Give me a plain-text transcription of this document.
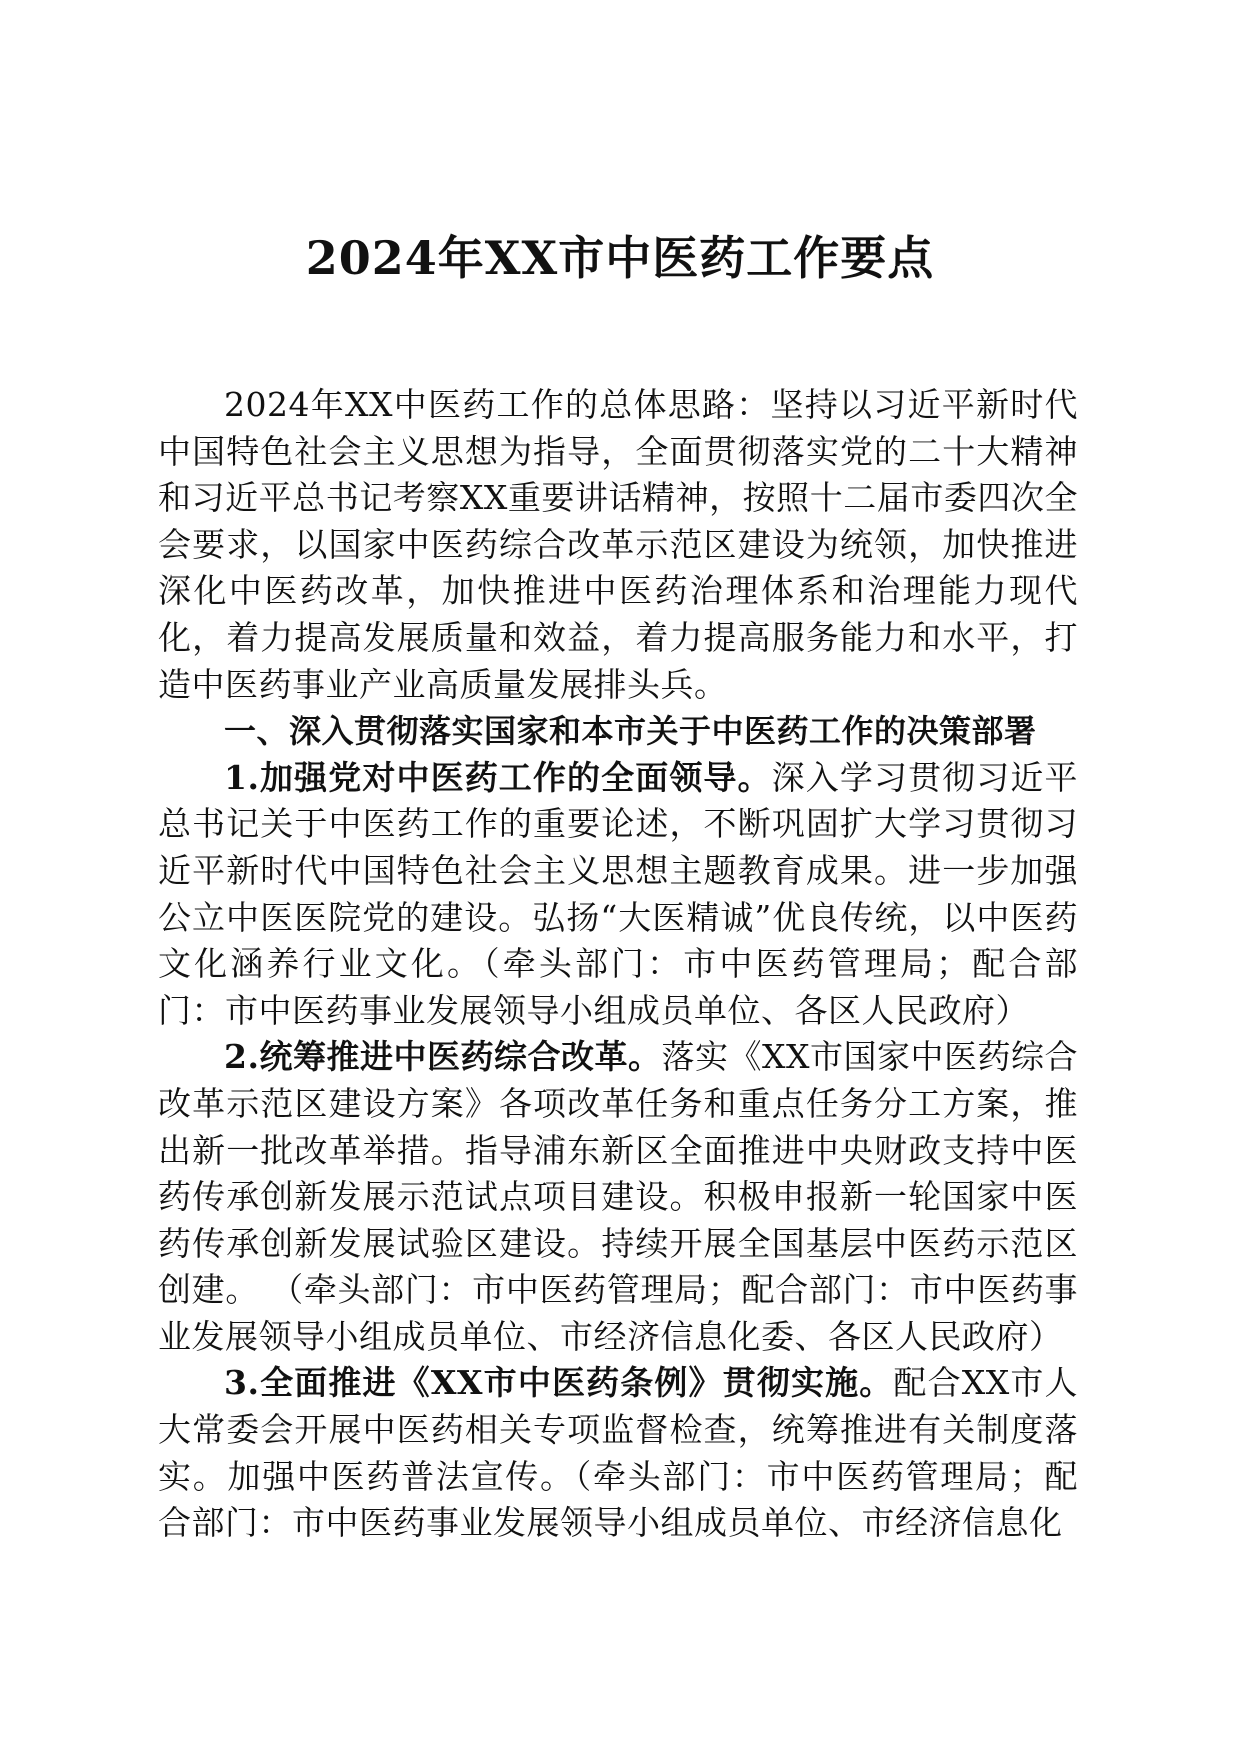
2024年XX市中医药工作要点

2024年XX中医药工作的总体思路：坚持以习近平新时代中国特色社会主义思想为指导，全面贯彻落实党的二十大精神和习近平总书记考察XX重要讲话精神，按照十二届市委四次全会要求，以国家中医药综合改革示范区建设为统领，加快推进深化中医药改革，加快推进中医药治理体系和治理能力现代化，着力提高发展质量和效益，着力提高服务能力和水平，打造中医药事业产业高质量发展排头兵。

一、深入贯彻落实国家和本市关于中医药工作的决策部署

1.加强党对中医药工作的全面领导。深入学习贯彻习近平总书记关于中医药工作的重要论述，不断巩固扩大学习贯彻习近平新时代中国特色社会主义思想主题教育成果。进一步加强公立中医医院党的建设。弘扬“大医精诚”优良传统，以中医药文化涵养行业文化。（牵头部门：市中医药管理局；配合部门：市中医药事业发展领导小组成员单位、各区人民政府）

2.统筹推进中医药综合改革。落实《XX市国家中医药综合改革示范区建设方案》各项改革任务和重点任务分工方案，推出新一批改革举措。指导浦东新区全面推进中央财政支持中医药传承创新发展示范试点项目建设。积极申报新一轮国家中医药传承创新发展试验区建设。持续开展全国基层中医药示范区创建。 （牵头部门：市中医药管理局；配合部门：市中医药事业发展领导小组成员单位、市经济信息化委、各区人民政府）

3.全面推进《XX市中医药条例》贯彻实施。配合XX市人大常委会开展中医药相关专项监督检查，统筹推进有关制度落实。加强中医药普法宣传。（牵头部门：市中医药管理局；配合部门：市中医药事业发展领导小组成员单位、市经济信息化
